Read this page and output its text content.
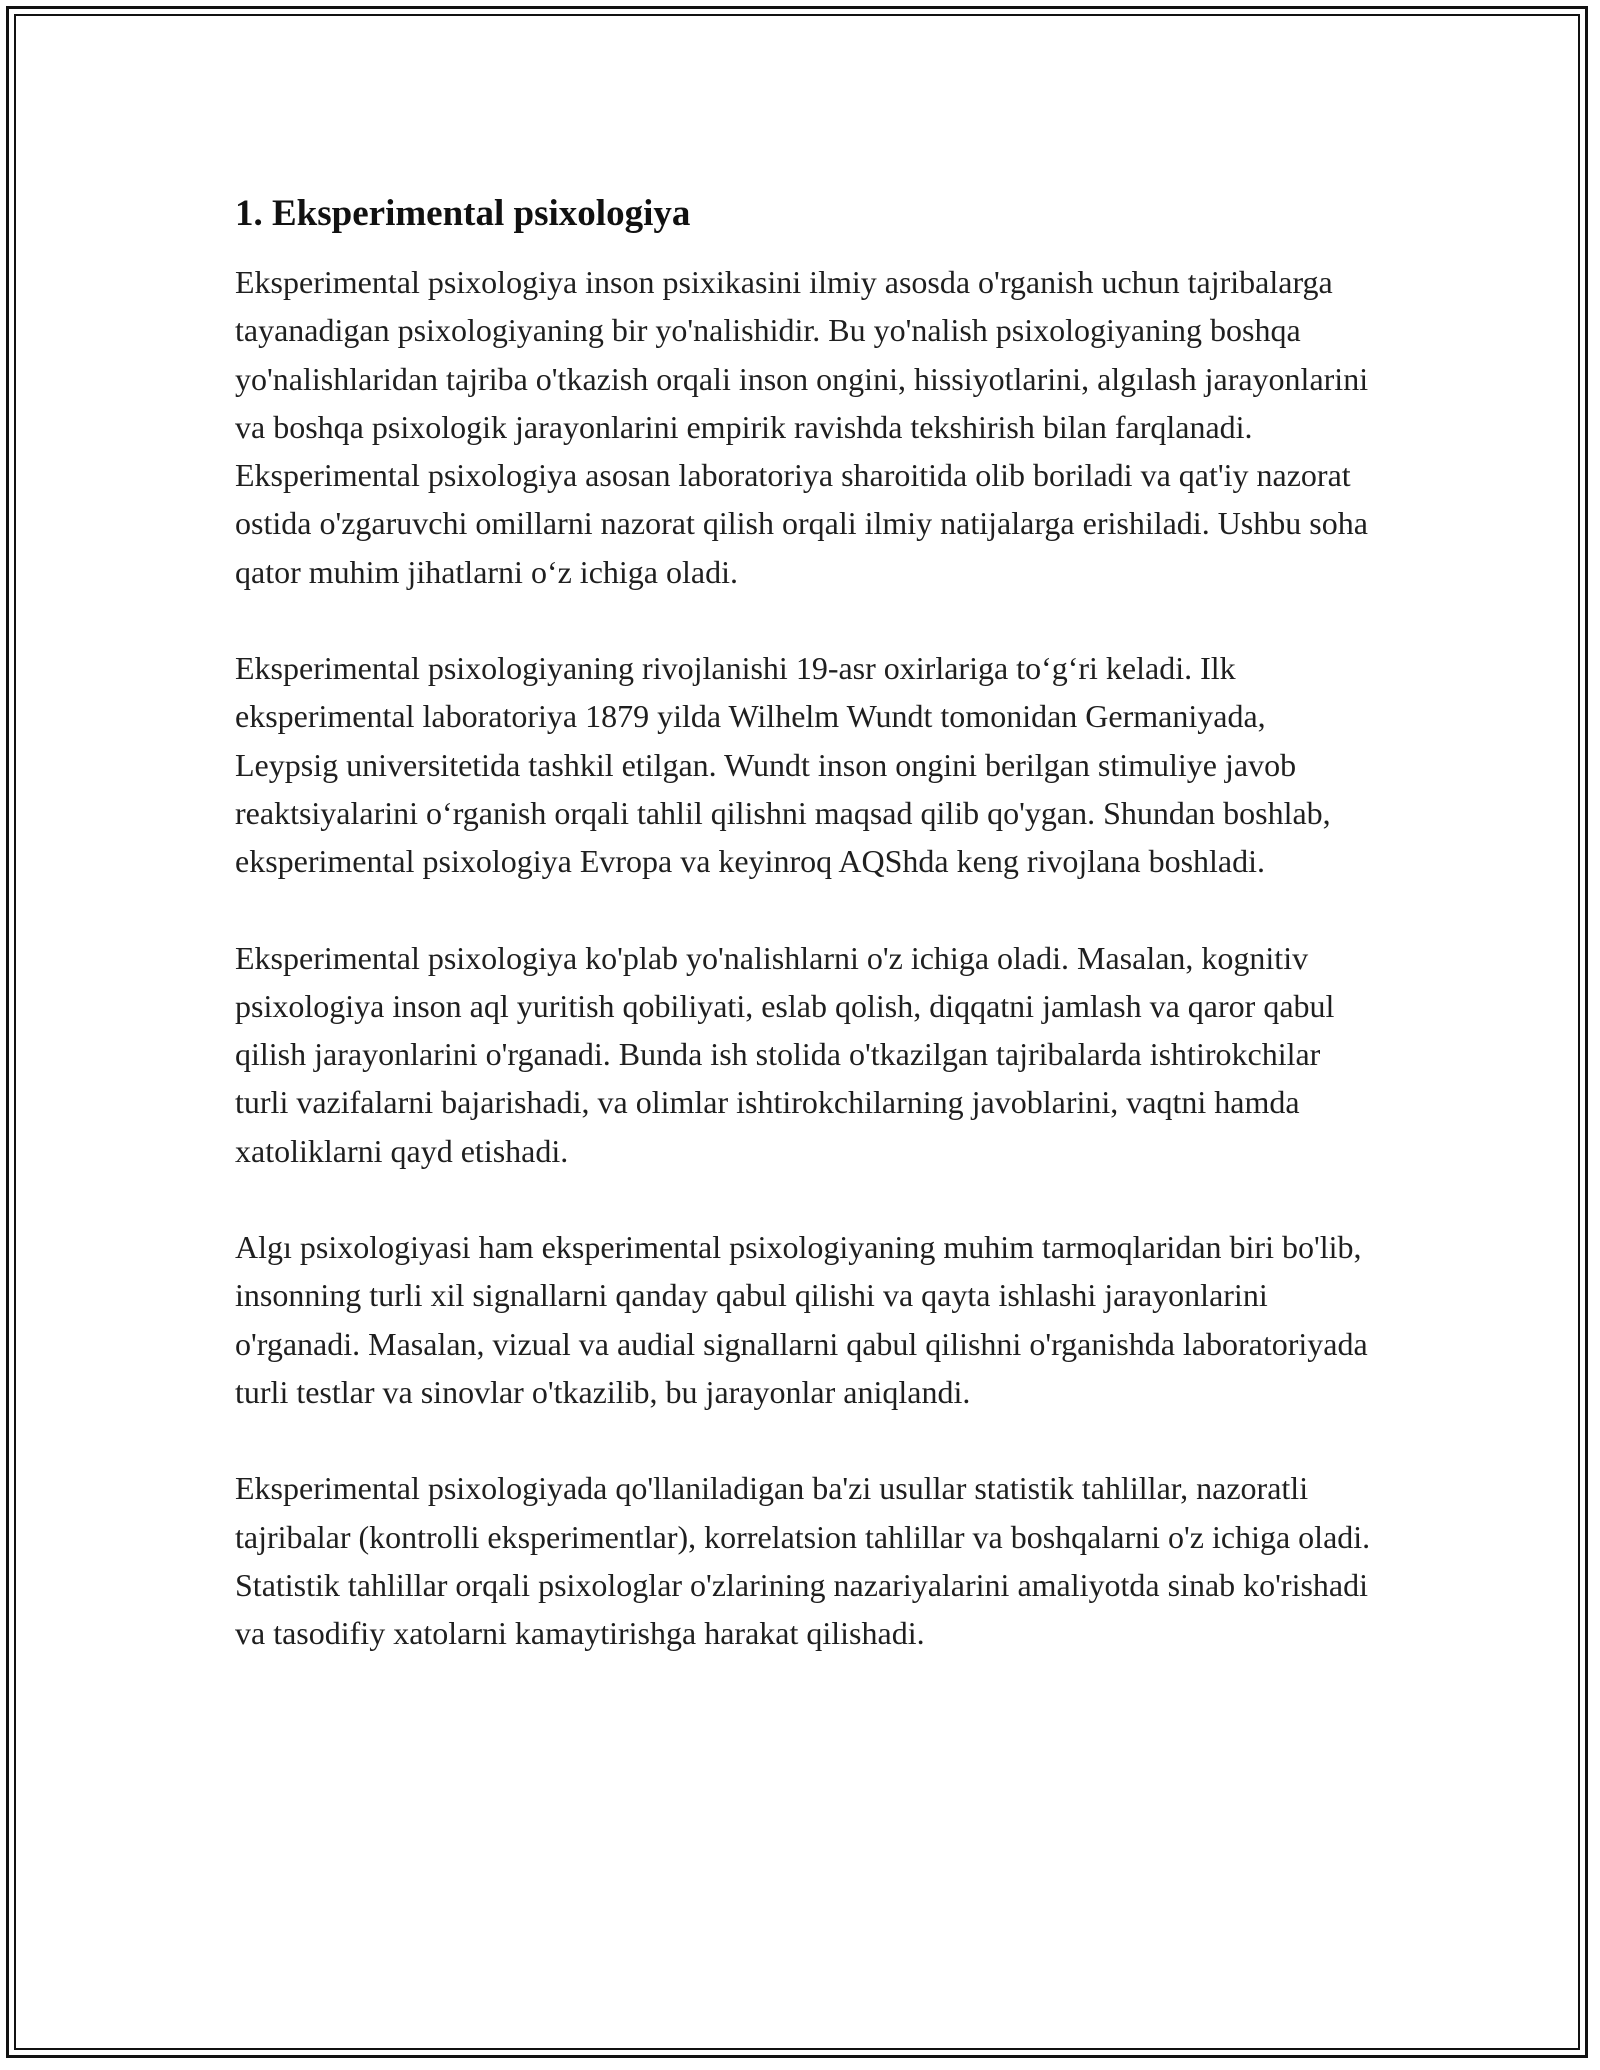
1. Eksperimental psixologiya

Eksperimental psixologiya inson psixikasini ilmiy asosda o'rganish uchun tajribalarga tayanadigan psixologiyaning bir yo'nalishidir. Bu yo'nalish psixologiyaning boshqa yo'nalishlaridan tajriba o'tkazish orqali inson ongini, hissiyotlarini, algılash jarayonlarini va boshqa psixologik jarayonlarini empirik ravishda tekshirish bilan farqlanadi. Eksperimental psixologiya asosan laboratoriya sharoitida olib boriladi va qat'iy nazorat ostida o'zgaruvchi omillarni nazorat qilish orqali ilmiy natijalarga erishiladi. Ushbu soha qator muhim jihatlarni o‘z ichiga oladi.

Eksperimental psixologiyaning rivojlanishi 19-asr oxirlariga to‘g‘ri keladi. Ilk eksperimental laboratoriya 1879 yilda Wilhelm Wundt tomonidan Germaniyada, Leypsig universitetida tashkil etilgan. Wundt inson ongini berilgan stimuliye javob reaktsiyalarini o‘rganish orqali tahlil qilishni maqsad qilib qo'ygan. Shundan boshlab, eksperimental psixologiya Evropa va keyinroq AQShda keng rivojlana boshladi.

Eksperimental psixologiya ko'plab yo'nalishlarni o'z ichiga oladi. Masalan, kognitiv psixologiya inson aql yuritish qobiliyati, eslab qolish, diqqatni jamlash va qaror qabul qilish jarayonlarini o'rganadi. Bunda ish stolida o'tkazilgan tajribalarda ishtirokchilar turli vazifalarni bajarishadi, va olimlar ishtirokchilarning javoblarini, vaqtni hamda xatoliklarni qayd etishadi.

Algı psixologiyasi ham eksperimental psixologiyaning muhim tarmoqlaridan biri bo'lib, insonning turli xil signallarni qanday qabul qilishi va qayta ishlashi jarayonlarini o'rganadi. Masalan, vizual va audial signallarni qabul qilishni o'rganishda laboratoriyada turli testlar va sinovlar o'tkazilib, bu jarayonlar aniqlandi.

Eksperimental psixologiyada qo'llaniladigan ba'zi usullar statistik tahlillar, nazoratli tajribalar (kontrolli eksperimentlar), korrelatsion tahlillar va boshqalarni o'z ichiga oladi. Statistik tahlillar orqali psixologlar o'zlarining nazariyalarini amaliyotda sinab ko'rishadi va tasodifiy xatolarni kamaytirishga harakat qilishadi.
